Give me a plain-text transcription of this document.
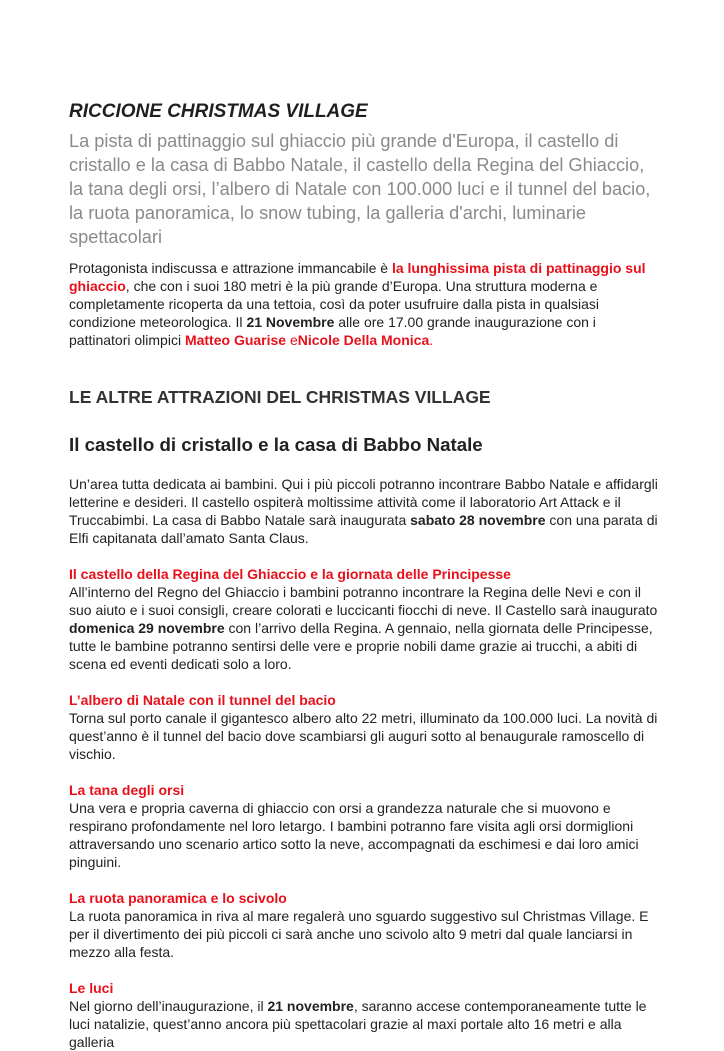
RICCIONE CHRISTMAS VILLAGE
La pista di pattinaggio sul ghiaccio più grande d'Europa, il castello di cristallo e la casa di Babbo Natale, il castello della Regina del Ghiaccio, la tana degli orsi, l’albero di Natale con 100.000 luci e il tunnel del bacio, la ruota panoramica, lo snow tubing, la galleria d'archi, luminarie spettacolari

Protagonista indiscussa e attrazione immancabile è la lunghissima pista di pattinaggio sul ghiaccio, che con i suoi 180 metri è la più grande d’Europa. Una struttura moderna e completamente ricoperta da una tettoia, così da poter usufruire dalla pista in qualsiasi condizione meteorologica. Il 21 Novembre alle ore 17.00 grande inaugurazione con i pattinatori olimpici Matteo Guarise eNicole Della Monica.

LE ALTRE ATTRAZIONI DEL CHRISTMAS VILLAGE
Il castello di cristallo e la casa di Babbo Natale

Un’area tutta dedicata ai bambini. Qui i più piccoli potranno incontrare Babbo Natale e affidargli letterine e desideri. Il castello ospiterà moltissime attività come il laboratorio Art Attack e il Truccabimbi. La casa di Babbo Natale sarà inaugurata sabato 28 novembre con una parata di Elfi capitanata dall’amato Santa Claus.

Il castello della Regina del Ghiaccio e la giornata delle Principesse

All’interno del Regno del Ghiaccio i bambini potranno incontrare la Regina delle Nevi e con il suo aiuto e i suoi consigli, creare colorati e luccicanti fiocchi di neve. Il Castello sarà inaugurato domenica 29 novembre con l’arrivo della Regina. A gennaio, nella giornata delle Principesse, tutte le bambine potranno sentirsi delle vere e proprie nobili dame grazie ai trucchi, a abiti di scena ed eventi dedicati solo a loro.

L’albero di Natale con il tunnel del bacio

Torna sul porto canale il gigantesco albero alto 22 metri, illuminato da 100.000 luci. La novità di quest’anno è il tunnel del bacio dove scambiarsi gli auguri sotto al benaugurale ramoscello di vischio.

La tana degli orsi

Una vera e propria caverna di ghiaccio con orsi a grandezza naturale che si muovono e respirano profondamente nel loro letargo. I bambini potranno fare visita agli orsi dormiglioni attraversando uno scenario artico sotto la neve, accompagnati da eschimesi e dai loro amici pinguini.

La ruota panoramica e lo scivolo

La ruota panoramica in riva al mare regalerà uno sguardo suggestivo sul Christmas Village. E per il divertimento dei più piccoli ci sarà anche uno scivolo alto 9 metri dal quale lanciarsi in mezzo alla festa.

Le luci

Nel giorno dell’inaugurazione, il 21 novembre, saranno accese contemporaneamente tutte le luci natalizie, quest’anno ancora più spettacolari grazie al maxi portale alto 16 metri e alla galleria
